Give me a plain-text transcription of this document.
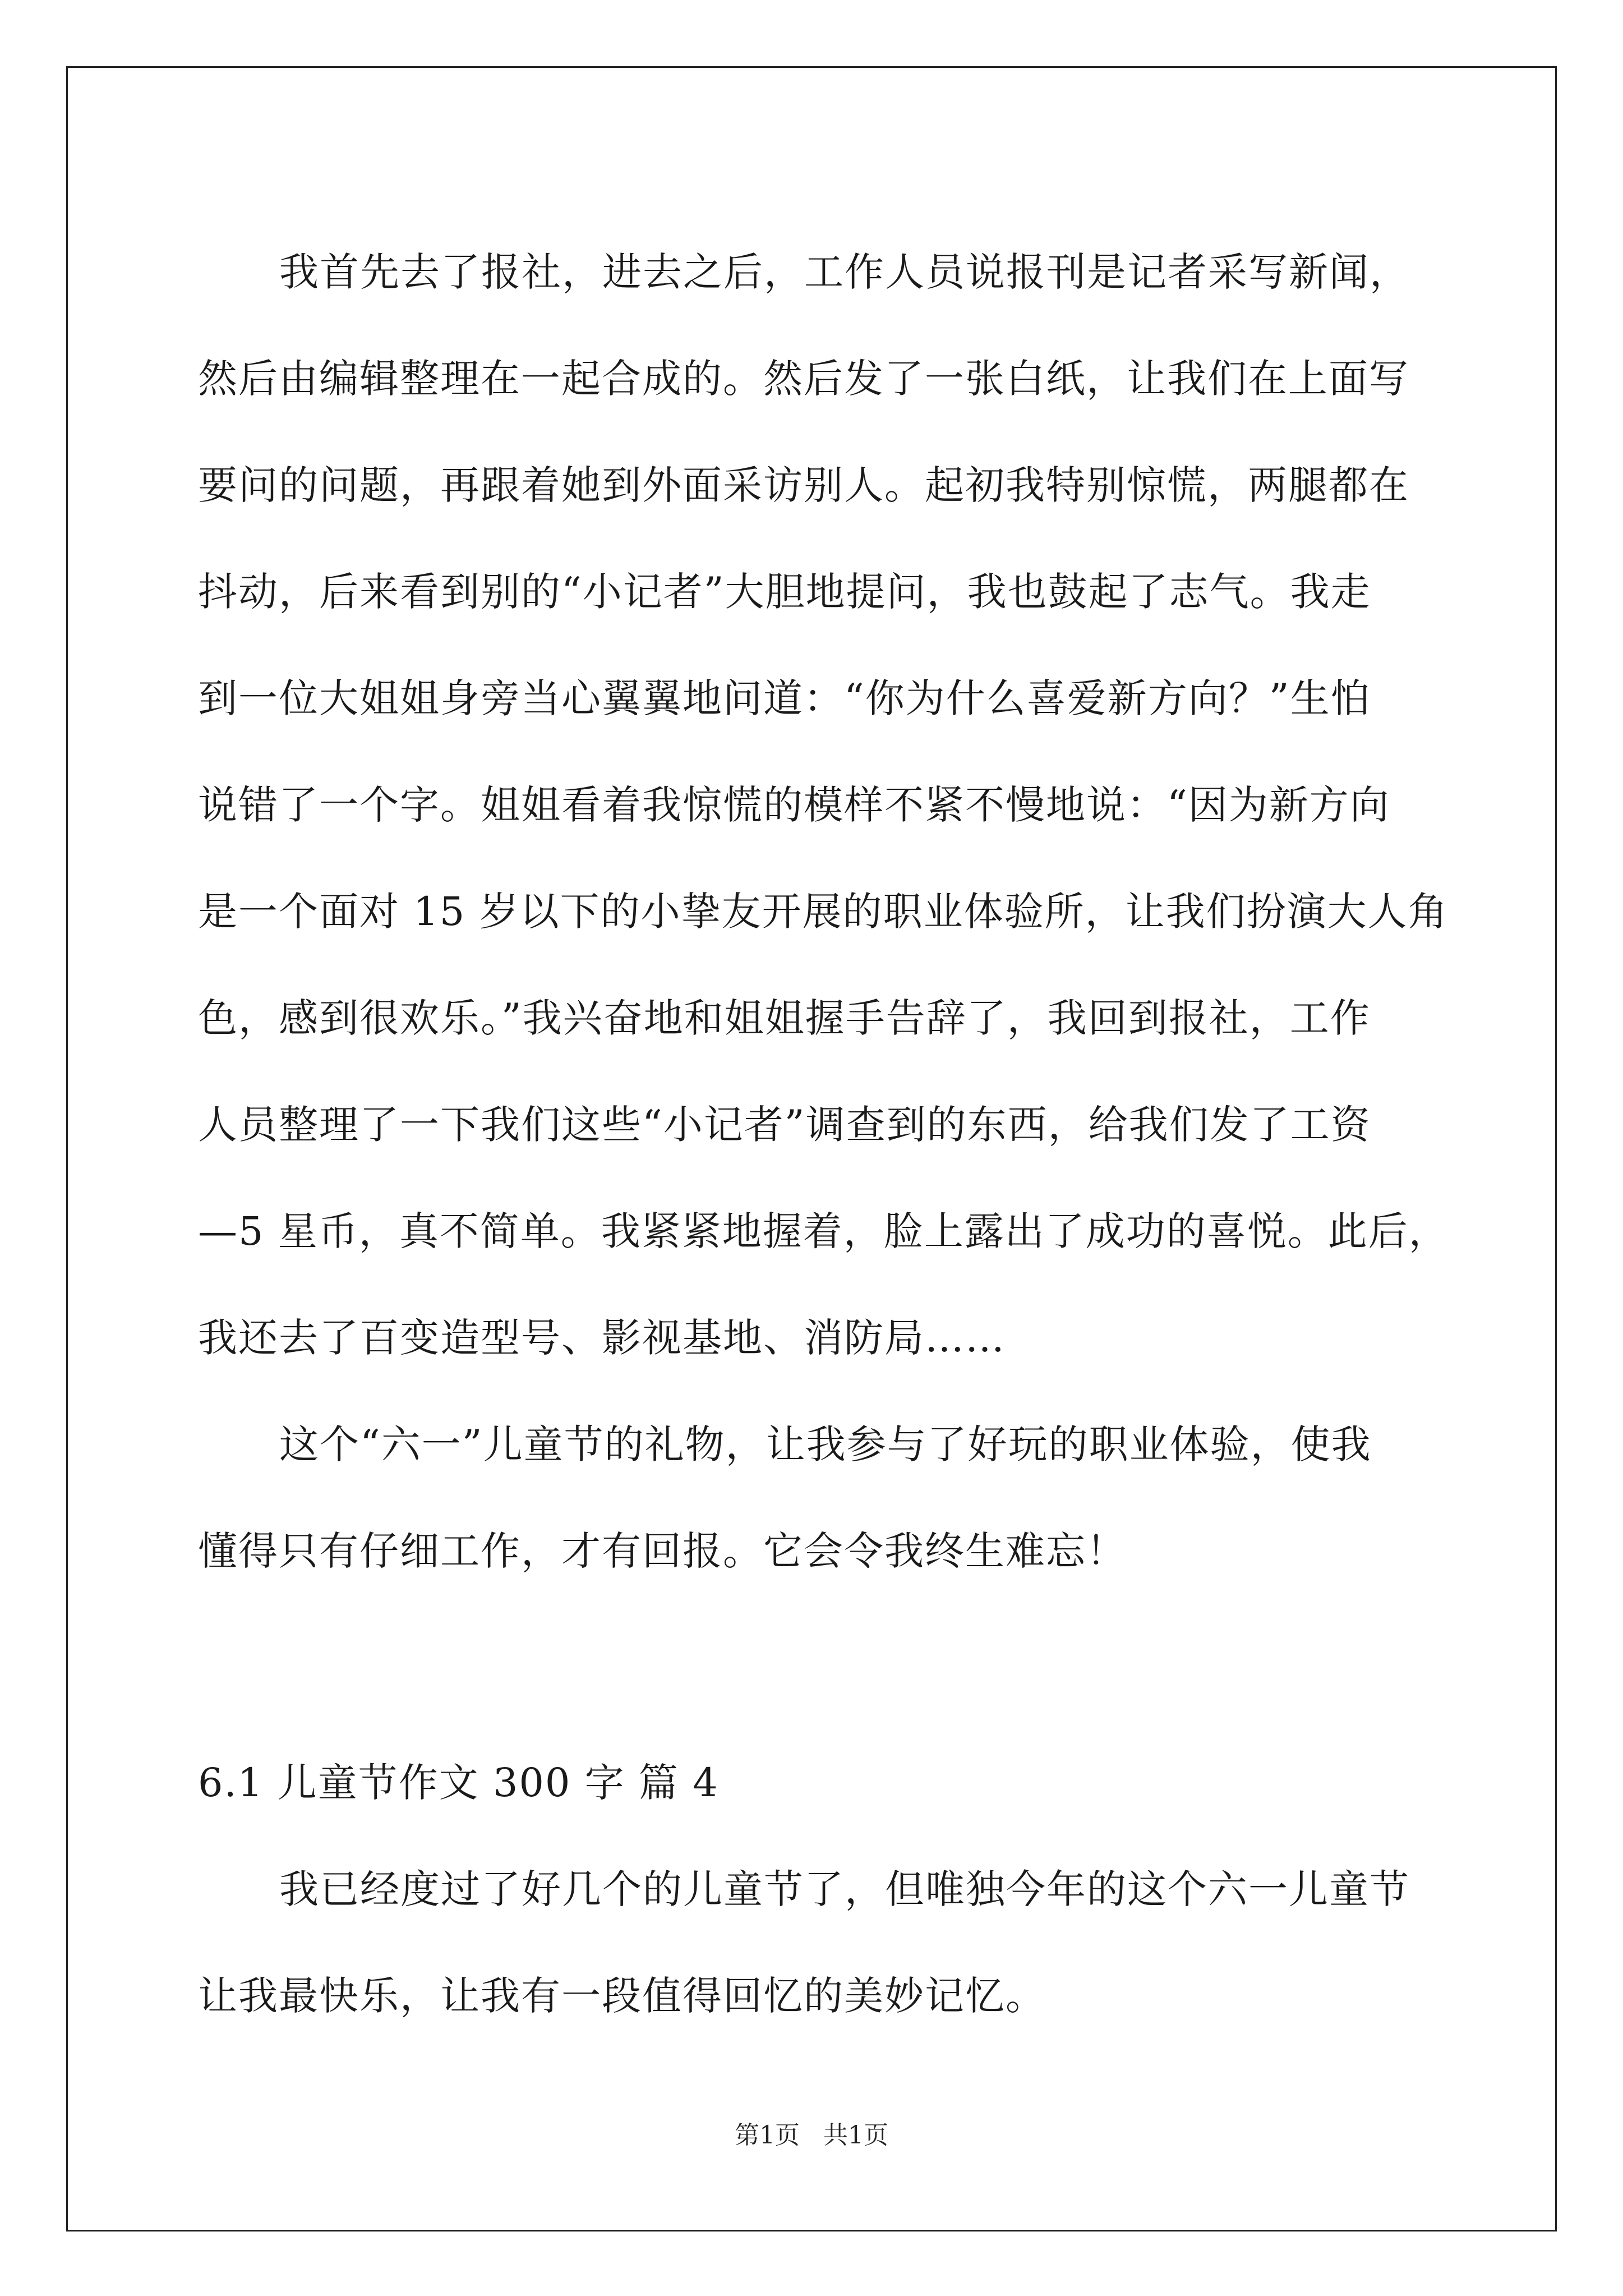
我首先去了报社，进去之后，工作人员说报刊是记者采写新闻，
然后由编辑整理在一起合成的。然后发了一张白纸，让我们在上面写
要问的问题，再跟着她到外面采访别人。起初我特别惊慌，两腿都在
抖动，后来看到别的“小记者”大胆地提问，我也鼓起了志气。我走
到一位大姐姐身旁当心翼翼地问道：“你为什么喜爱新方向？”生怕
说错了一个字。姐姐看着我惊慌的模样不紧不慢地说：“因为新方向
是一个面对 15 岁以下的小挚友开展的职业体验所，让我们扮演大人角
色，感到很欢乐。”我兴奋地和姐姐握手告辞了，我回到报社，工作
人员整理了一下我们这些“小记者”调查到的东西，给我们发了工资
—5 星币，真不简单。我紧紧地握着，脸上露出了成功的喜悦。此后，
我还去了百变造型号、影视基地、消防局……

这个“六一”儿童节的礼物，让我参与了好玩的职业体验，使我
懂得只有仔细工作，才有回报。它会令我终生难忘！

6.1 儿童节作文 300 字 篇 4

我已经度过了好几个的儿童节了，但唯独今年的这个六一儿童节
让我最快乐，让我有一段值得回忆的美妙记忆。

第1页   共1页
